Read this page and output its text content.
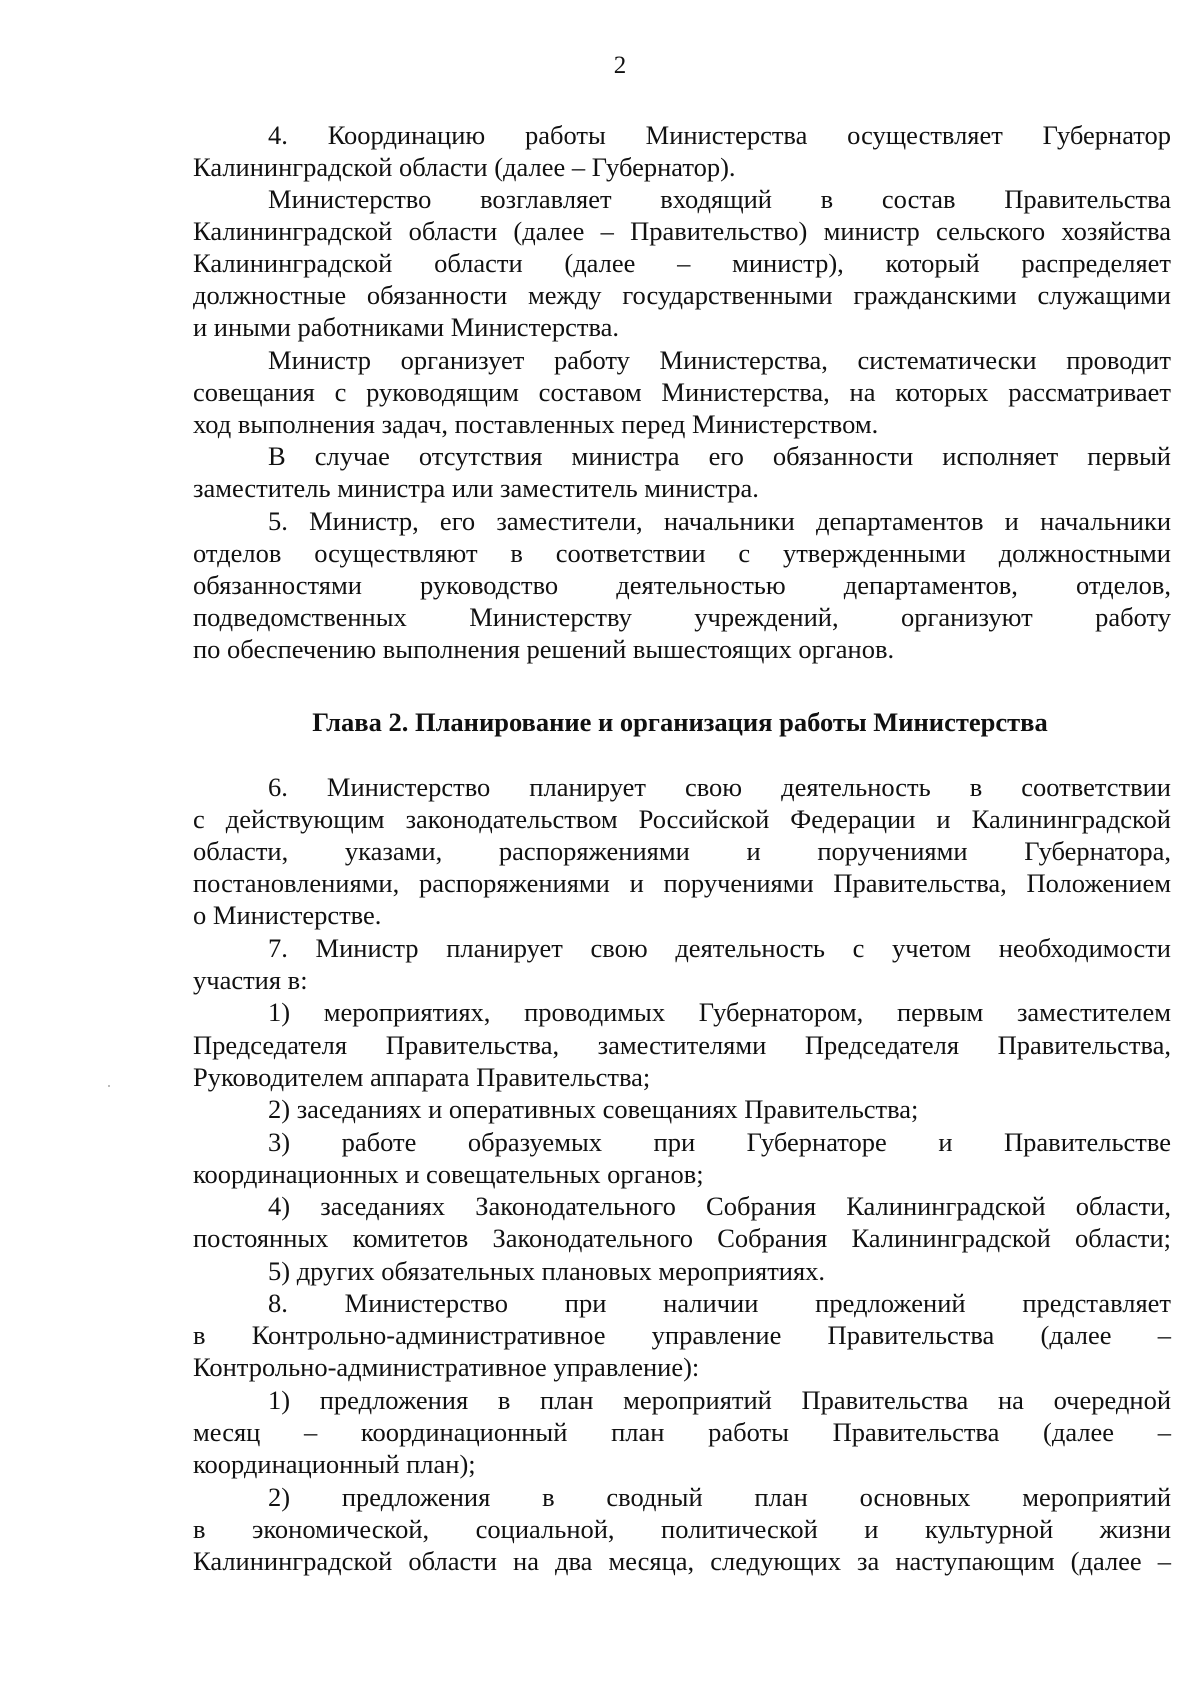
2
4. Координацию работы Министерства осуществляет Губернатор
Калининградской области (далее – Губернатор).
Министерство возглавляет входящий в состав Правительства
Калининградской области (далее – Правительство) министр сельского хозяйства
Калининградской области (далее – министр), который распределяет
должностные обязанности между государственными гражданскими служащими
и иными работниками Министерства.
Министр организует работу Министерства, систематически проводит
совещания с руководящим составом Министерства, на которых рассматривает
ход выполнения задач, поставленных перед Министерством.
В случае отсутствия министра его обязанности исполняет первый
заместитель министра или заместитель министра.
5. Министр, его заместители, начальники департаментов и начальники
отделов осуществляют в соответствии с утвержденными должностными
обязанностями руководство деятельностью департаментов, отделов,
подведомственных Министерству учреждений, организуют работу
по обеспечению выполнения решений вышестоящих органов.
Глава 2. Планирование и организация работы Министерства
6. Министерство планирует свою деятельность в соответствии
с действующим законодательством Российской Федерации и Калининградской
области, указами, распоряжениями и поручениями Губернатора,
постановлениями, распоряжениями и поручениями Правительства, Положением
о Министерстве.
7. Министр планирует свою деятельность с учетом необходимости
участия в:
1) мероприятиях, проводимых Губернатором, первым заместителем
Председателя Правительства, заместителями Председателя Правительства,
Руководителем аппарата Правительства;
2) заседаниях и оперативных совещаниях Правительства;
3) работе образуемых при Губернаторе и Правительстве
координационных и совещательных органов;
4) заседаниях Законодательного Собрания Калининградской области,
постоянных комитетов Законодательного Собрания Калининградской области;
5) других обязательных плановых мероприятиях.
8. Министерство при наличии предложений представляет
в Контрольно-административное управление Правительства (далее –
Контрольно-административное управление):
1) предложения в план мероприятий Правительства на очередной
месяц – координационный план работы Правительства (далее –
координационный план);
2) предложения в сводный план основных мероприятий
в экономической, социальной, политической и культурной жизни
Калининградской области на два месяца, следующих за наступающим (далее –
